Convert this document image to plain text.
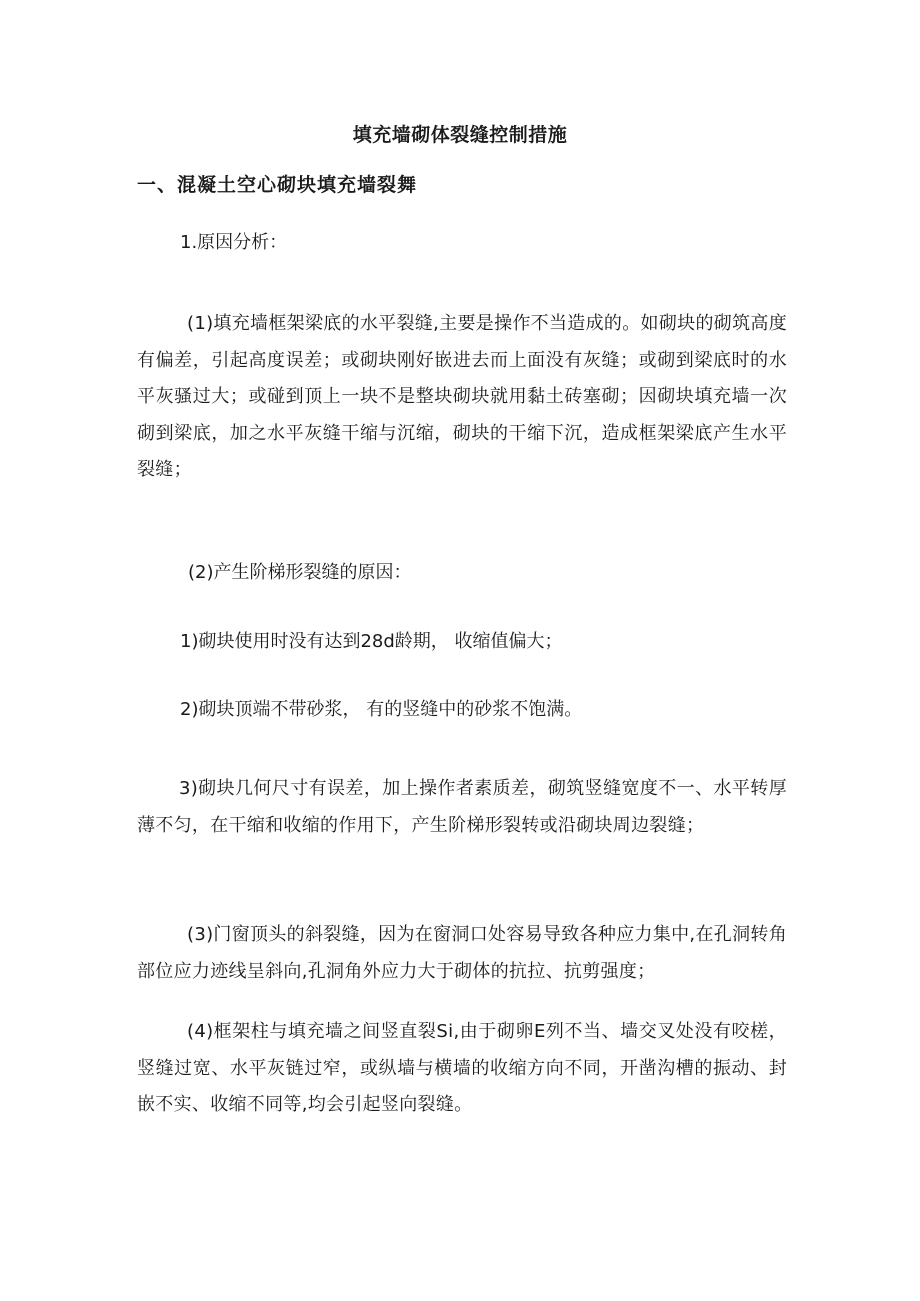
填充墙砌体裂缝控制措施
一、混凝土空心砌块填充墙裂舞
1.原因分析：

(1)填充墙框架梁底的水平裂缝,主要是操作不当造成的。如砌块的砌筑高度有偏差，引起高度误差；或砌块刚好嵌进去而上面没有灰缝；或砌到梁底时的水平灰骚过大；或碰到顶上一块不是整块砌块就用黏土砖塞砌；因砌块填充墙一次砌到梁底，加之水平灰缝干缩与沉缩，砌块的干缩下沉，造成框架梁底产生水平裂缝；

(2)产生阶梯形裂缝的原因：
1)砌块使用时没有达到28d龄期， 收缩值偏大；
2)砌块顶端不带砂浆， 有的竖缝中的砂浆不饱满。

3)砌块几何尺寸有误差，加上操作者素质差，砌筑竖缝宽度不一、水平转厚薄不匀，在干缩和收缩的作用下，产生阶梯形裂转或沿砌块周边裂缝；

(3)门窗顶头的斜裂缝，因为在窗洞口处容易导致各种应力集中,在孔洞转角部位应力迹线呈斜向,孔洞角外应力大于砌体的抗拉、抗剪强度；

(4)框架柱与填充墙之间竖直裂Si,由于砌卵E列不当、墙交叉处没有咬槎，竖缝过宽、水平灰链过窄，或纵墙与横墙的收缩方向不同，开凿沟槽的振动、封嵌不实、收缩不同等,均会引起竖向裂缝。
